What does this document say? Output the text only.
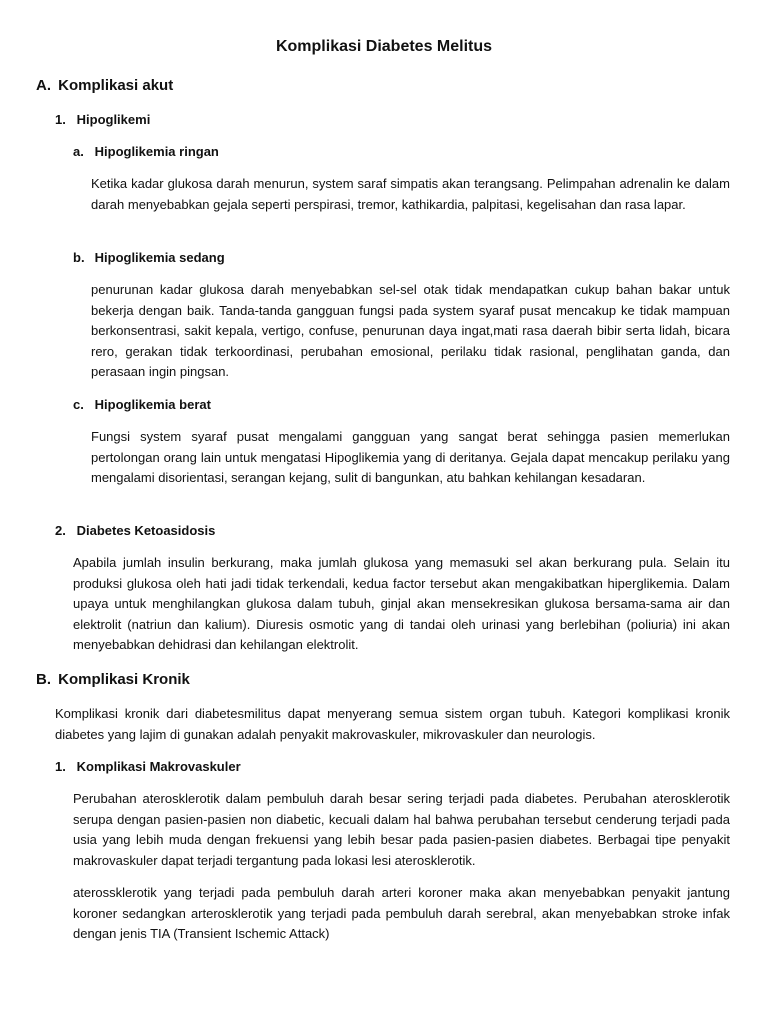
Komplikasi Diabetes Melitus
A. Komplikasi akut
1. Hipoglikemi
a. Hipoglikemia ringan

Ketika kadar glukosa darah menurun, system saraf simpatis akan terangsang. Pelimpahan adrenalin ke dalam darah menyebabkan gejala seperti perspirasi, tremor, kathikardia, palpitasi, kegelisahan dan rasa lapar.

b. Hipoglikemia sedang

penurunan kadar glukosa darah menyebabkan sel-sel otak tidak mendapatkan cukup bahan bakar untuk bekerja dengan baik. Tanda-tanda gangguan fungsi pada system syaraf pusat mencakup ke tidak mampuan berkonsentrasi, sakit kepala, vertigo, confuse, penurunan daya ingat,mati rasa daerah bibir serta lidah, bicara rero, gerakan tidak terkoordinasi, perubahan emosional, perilaku tidak rasional, penglihatan ganda, dan perasaan ingin pingsan.

c. Hipoglikemia berat

Fungsi system syaraf pusat mengalami gangguan yang sangat berat sehingga pasien memerlukan pertolongan orang lain untuk mengatasi Hipoglikemia yang di deritanya. Gejala dapat mencakup perilaku yang mengalami disorientasi, serangan kejang, sulit di bangunkan, atu bahkan kehilangan kesadaran.

2. Diabetes Ketoasidosis

Apabila jumlah insulin berkurang, maka jumlah glukosa yang memasuki sel akan berkurang pula. Selain itu produksi glukosa oleh hati jadi tidak terkendali, kedua factor tersebut akan mengakibatkan hiperglikemia. Dalam upaya untuk menghilangkan glukosa dalam tubuh, ginjal akan mensekresikan glukosa bersama-sama air dan elektrolit (natriun dan kalium). Diuresis osmotic yang di tandai oleh urinasi yang berlebihan (poliuria) ini akan menyebabkan dehidrasi dan kehilangan elektrolit.

B. Komplikasi Kronik

Komplikasi kronik dari diabetesmilitus dapat menyerang semua sistem organ tubuh. Kategori komplikasi kronik diabetes yang lajim di gunakan adalah penyakit makrovaskuler, mikrovaskuler dan neurologis.

1. Komplikasi Makrovaskuler

Perubahan aterosklerotik dalam pembuluh darah besar sering terjadi pada diabetes. Perubahan aterosklerotik serupa dengan pasien-pasien non diabetic, kecuali dalam hal bahwa perubahan tersebut cenderung terjadi pada usia yang lebih muda dengan frekuensi yang lebih besar pada pasien-pasien diabetes. Berbagai tipe penyakit makrovaskuler dapat terjadi tergantung pada lokasi lesi aterosklerotik.

aterossklerotik yang terjadi pada pembuluh darah arteri koroner maka akan menyebabkan penyakit jantung koroner sedangkan arterosklerotik yang terjadi pada pembuluh darah serebral, akan menyebabkan stroke infak dengan jenis TIA (Transient Ischemic Attack)
